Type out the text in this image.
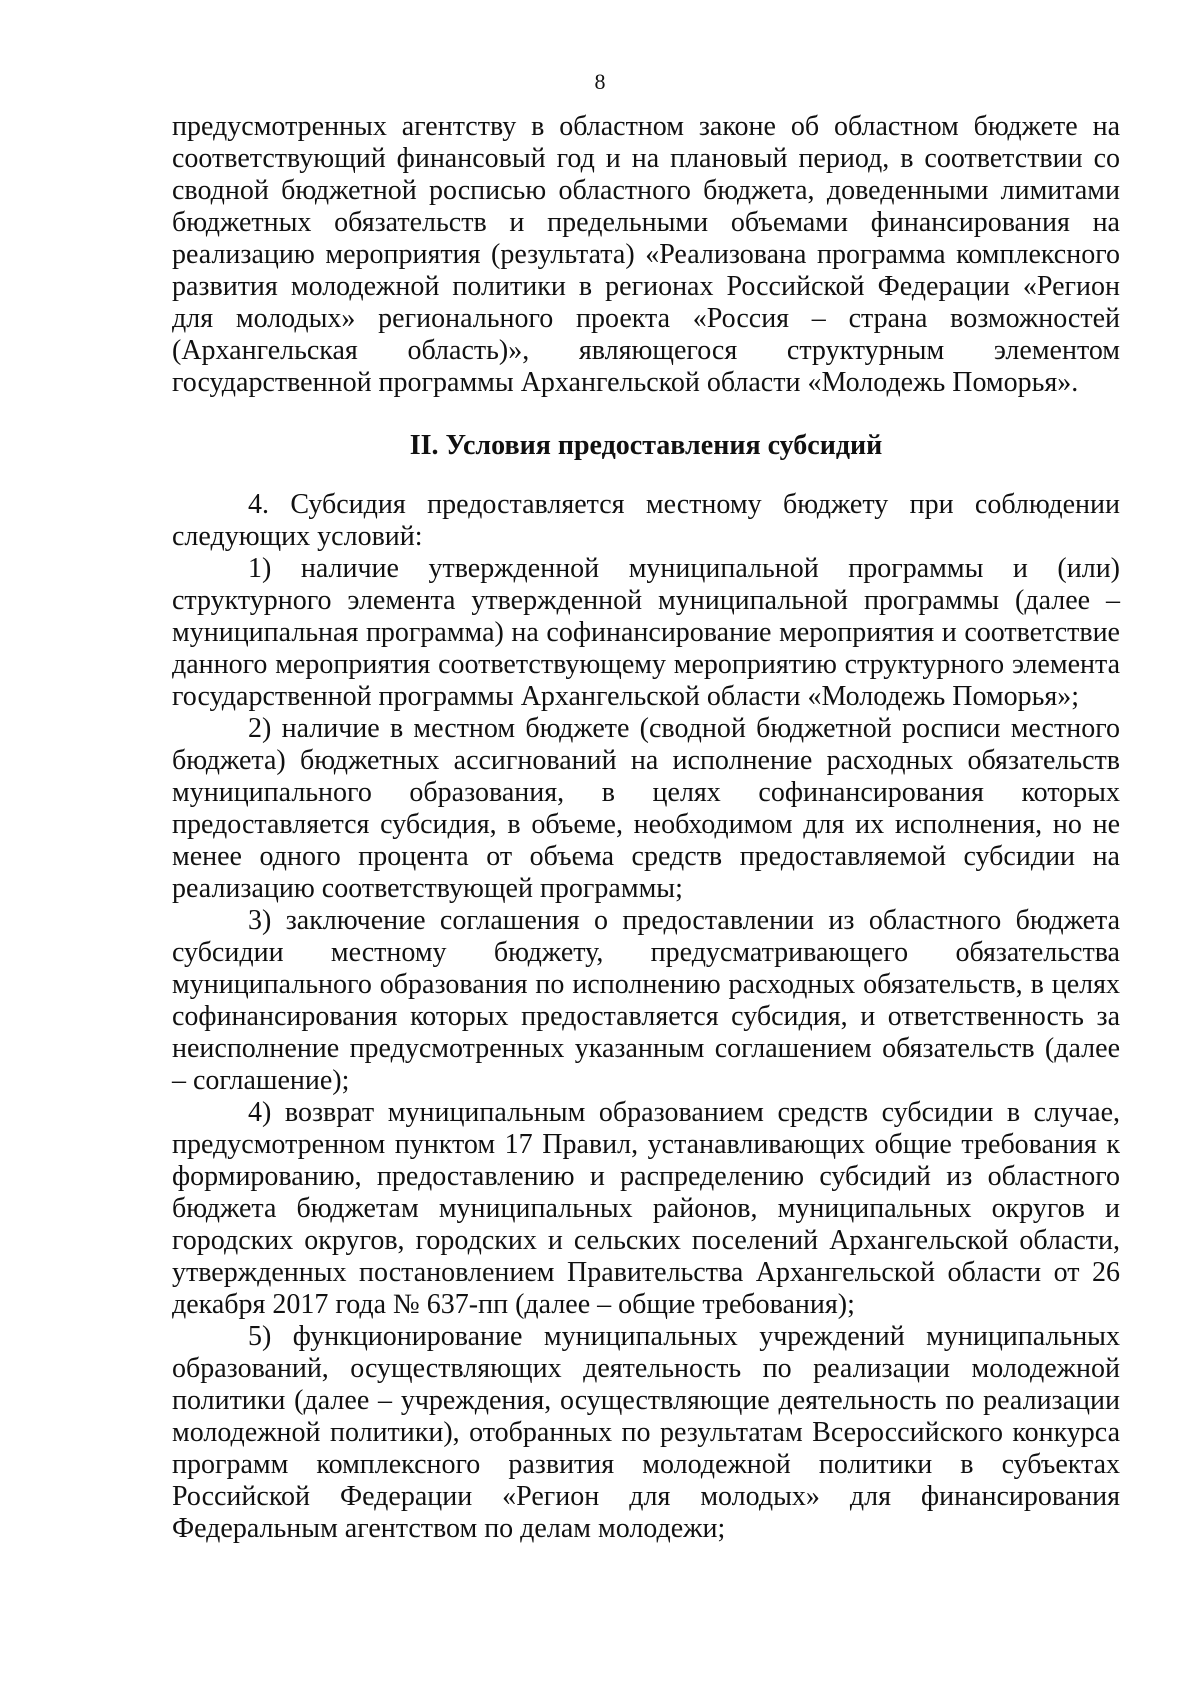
8

предусмотренных агентству в областном законе об областном бюджете на соответствующий финансовый год и на плановый период, в соответствии со сводной бюджетной росписью областного бюджета, доведенными лимитами бюджетных обязательств и предельными объемами финансирования на реализацию мероприятия (результата) «Реализована программа комплексного развития молодежной политики в регионах Российской Федерации «Регион для молодых» регионального проекта «Россия – страна возможностей (Архангельская область)», являющегося структурным элементом государственной программы Архангельской области «Молодежь Поморья».

II. Условия предоставления субсидий

4. Субсидия предоставляется местному бюджету при соблюдении следующих условий:

1) наличие утвержденной муниципальной программы и (или) структурного элемента утвержденной муниципальной программы (далее – муниципальная программа) на софинансирование мероприятия и соответствие данного мероприятия соответствующему мероприятию структурного элемента государственной программы Архангельской области «Молодежь Поморья»;

2) наличие в местном бюджете (сводной бюджетной росписи местного бюджета) бюджетных ассигнований на исполнение расходных обязательств муниципального образования, в целях софинансирования которых предоставляется субсидия, в объеме, необходимом для их исполнения, но не менее одного процента от объема средств предоставляемой субсидии на реализацию соответствующей программы;

3) заключение соглашения о предоставлении из областного бюджета субсидии местному бюджету, предусматривающего обязательства муниципального образования по исполнению расходных обязательств, в целях софинансирования которых предоставляется субсидия, и ответственность за неисполнение предусмотренных указанным соглашением обязательств (далее – соглашение);

4) возврат муниципальным образованием средств субсидии в случае, предусмотренном пунктом 17 Правил, устанавливающих общие требования к формированию, предоставлению и распределению субсидий из областного бюджета бюджетам муниципальных районов, муниципальных округов и городских округов, городских и сельских поселений Архангельской области, утвержденных постановлением Правительства Архангельской области от 26 декабря 2017 года № 637-пп (далее – общие требования);

5) функционирование муниципальных учреждений муниципальных образований, осуществляющих деятельность по реализации молодежной политики (далее – учреждения, осуществляющие деятельность по реализации молодежной политики), отобранных по результатам Всероссийского конкурса программ комплексного развития молодежной политики в субъектах Российской Федерации «Регион для молодых» для финансирования Федеральным агентством по делам молодежи;
